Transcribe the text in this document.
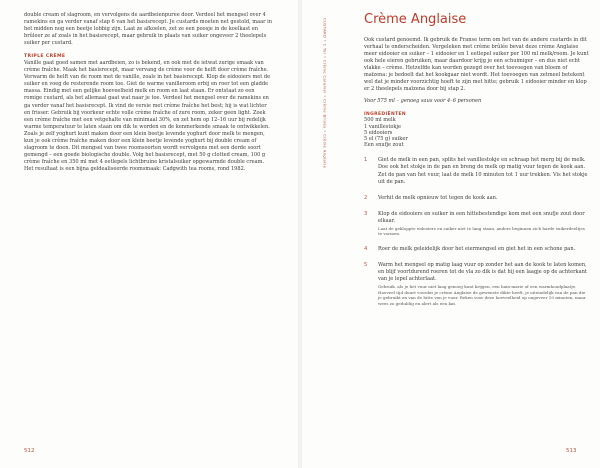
double cream of slagroom, en vervolgens de aardbeienpuree door. Verdeel het mengsel over 4 ramekins en ga verder vanaf stap 6 van het basisrecept. Je custards moeten net gestold, maar in het midden nog een beetje lobbig zijn. Laat ze afkoelen, zet ze een poosje in de koelkast en brûleer ze af zoals in het basisrecept, maar gebruik in plaats van suiker ongeveer 2 theelepels suiker per custard.

TRIPLE CRÈME

Vanille gaat goed samen met aardbeien, zo is bekend, en ook met de ietwat zurige smaak van crème fraîche. Maak het basisrecept, maar vervang de crème voor de helft door crème fraîche. Verwarm de helft van de room met de vanille, zoals in het basisrecept. Klop de eidooiers met de suiker en voeg de resterende room toe. Giet de warme vanilleroom erbij en roer tot een gladde massa. Eindig met een gelijke hoeveelheid melk en room en laat staan. Er ontstaat zo een romige custard, als het allemaal gaat wat naar je toe. Verdeel het mengsel over de ramekins en ga verder vanaf het basisrecept. Ik vind de versie met crème fraîche het best; hij is wat lichter en frisser. Gebruik bij voorkeur echte volle crème fraîche of zure room, zeker geen light. Zoek een crème fraîche met een vetgehalte van minimaal 30%, en zet hem op 12–16 uur bij redelijk warme temperatuur te laten staan om dik te worden en de kenmerkende smaak te ontwikkelen. Zoals je zelf yoghurt kunt maken door een klein beetje levende yoghurt door melk te mengen, kun je ook crème fraîche maken door een klein beetje levende yoghurt bij double cream of slagroom te doen. Dit mengsel van twee roomsoorten wordt vervolgens met een derde soort gemengd – een goede biologische double. Volg het basisrecept, met 50 g clotted cream, 100 g crème fraîche en 350 ml met 4 eetlepels lichtbruine kristalsuiker opgewarmde double cream. Het resultaat is een bijna geldealiseerde roomsmaak: Cadgwith tea rooms, rond 1982.

512
CUSTARD • 1 Tor • Crème Caramel • Crème Brûlée • Crème Anglaise	Crème Anglaise

Ook custard genoemd. Ik gebruik de Franse term om het van de andere custards in dit verhaal te onderscheiden. Vergeleken met crème brûlée bevat deze crème Anglaise meer eidooier en suiker – 1 eidooier en 1 eetlepel suiker per 100 ml melk/room. Je kunt ook hele eieren gebruiken, maar daardoor krijg je een schuimiger – en dus niet echt vlakke – crème. Hetzelfde kan worden gezegd over het toevoegen van bloem of maïzena: je bedoelt dat het kookgaar niet wordt. Het toevoegen van zetmeel betekent wel dat je minder voorzichtig hoeft te zijn met hitte; gebruik 1 eidooier minder en klop er 2 theelepels maïzena door bij stap 2.

Voor 575 ml – genoeg saus voor 4–6 personen

INGREDIËNTEN
500 ml melk
1 vanillestokje
5 eidooiers
5 el (75 g) suiker
Een snufje zout
1 Giet de melk in een pan, splits het vanillestokje en schraap het merg bij de melk. Doe ook het stokje in de pan en breng de melk op matig vuur tegen de kook aan. Zet de pan van het vuur, laat de melk 10 minuten tot 1 uur trekken. Vis het stokje uit de pan.

2 Verhit de melk opnieuw tot tegen de kook aan.

3 Klop de eidooiers en suiker in een hittebestendige kom met een snufje zout door elkaar.

Laat de gekloppte eidooiers en suiker niet te lang staan, anders beginnen zich harde suikerdeeltjes te vormen.

4 Roer de melk geleidelijk door het eiermengsel en giet het in een schone pan.

5 Warm het mengsel op matig laag vuur op zonder het aan de kook te laten komen, en blijf voortdurend roeren tot de vla zo dik is dat hij een laagje op de achterkant van je lepel achterlaat.

Gebruik, als je het vuur niet laag genoeg kunt krijgen, een bain-marie of een warmhoudplaatje. Hoeveel tijd duurt voordat je crème Anglaise de gewenste dikte heeft, je uiteindelijk van de pan die je gebruikt en van de hitte van je vuur. Reken voor deze hoeveelheid op ongeveer 10 minuten, maar wees zo geduldig en alert als een kat.

513
